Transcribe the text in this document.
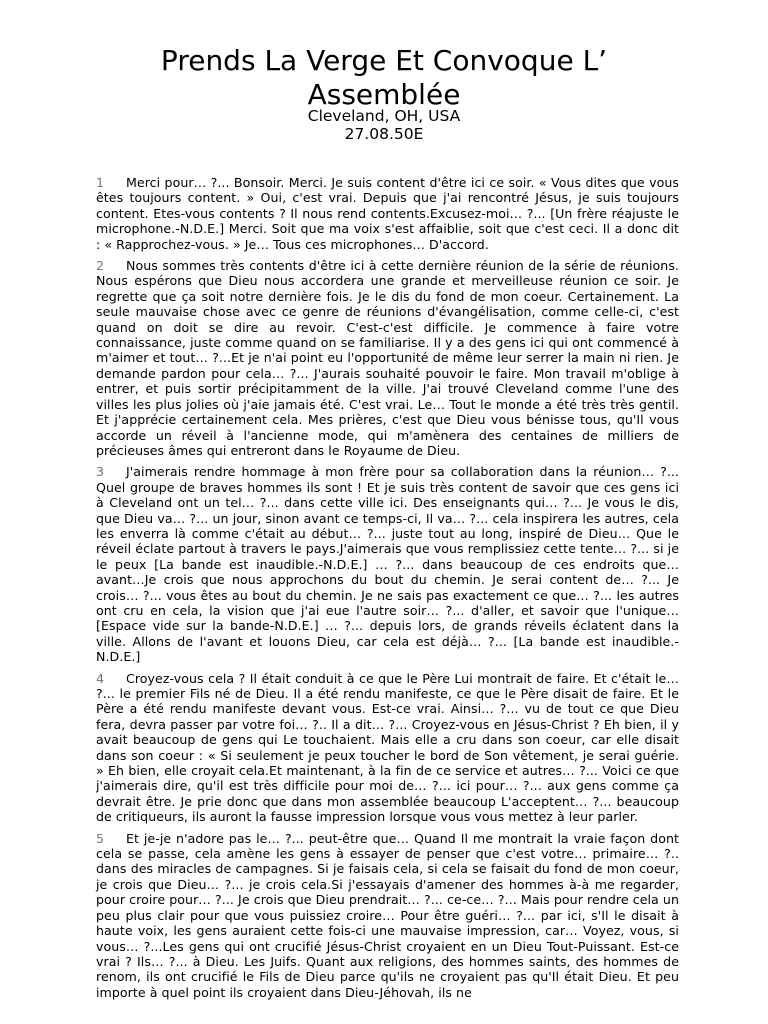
Prends La Verge Et Convoque L’ Assemblée

Cleveland, OH, USA

27.08.50E

1 Merci pour… ?... Bonsoir. Merci. Je suis content d'être ici ce soir. « Vous dites que vous êtes toujours content. » Oui, c'est vrai. Depuis que j'ai rencontré Jésus, je suis toujours content. Etes-vous contents ? Il nous rend contents.Excusez-moi… ?... [Un frère réajuste le microphone.-N.D.E.] Merci. Soit que ma voix s'est affaiblie, soit que c'est ceci. Il a donc dit : « Rapprochez-vous. » Je… Tous ces microphones… D'accord.

2 Nous sommes très contents d'être ici à cette dernière réunion de la série de réunions. Nous espérons que Dieu nous accordera une grande et merveilleuse réunion ce soir. Je regrette que ça soit notre dernière fois. Je le dis du fond de mon coeur. Certainement. La seule mauvaise chose avec ce genre de réunions d'évangélisation, comme celle-ci, c'est quand on doit se dire au revoir. C'est-c'est difficile. Je commence à faire votre connaissance, juste comme quand on se familiarise. Il y a des gens ici qui ont commencé à m'aimer et tout… ?...Et je n'ai point eu l'opportunité de même leur serrer la main ni rien. Je demande pardon pour cela… ?... J'aurais souhaité pouvoir le faire. Mon travail m'oblige à entrer, et puis sortir précipitamment de la ville. J'ai trouvé Cleveland comme l'une des villes les plus jolies où j'aie jamais été. C'est vrai. Le… Tout le monde a été très très gentil. Et j'apprécie certainement cela. Mes prières, c'est que Dieu vous bénisse tous, qu'Il vous accorde un réveil à l'ancienne mode, qui m'amènera des centaines de milliers de précieuses âmes qui entreront dans le Royaume de Dieu.

3 J'aimerais rendre hommage à mon frère pour sa collaboration dans la réunion… ?... Quel groupe de braves hommes ils sont ! Et je suis très content de savoir que ces gens ici à Cleveland ont un tel… ?... dans cette ville ici. Des enseignants qui… ?... Je vous le dis, que Dieu va… ?... un jour, sinon avant ce temps-ci, Il va… ?... cela inspirera les autres, cela les enverra là comme c'était au début… ?... juste tout au long, inspiré de Dieu… Que le réveil éclate partout à travers le pays.J'aimerais que vous remplissiez cette tente… ?... si je le peux [La bande est inaudible.-N.D.E.] … ?... dans beaucoup de ces endroits que… avant…Je crois que nous approchons du bout du chemin. Je serai content de… ?... Je crois… ?... vous êtes au bout du chemin. Je ne sais pas exactement ce que… ?... les autres ont cru en cela, la vision que j'ai eue l'autre soir… ?... d'aller, et savoir que l'unique… [Espace vide sur la bande-N.D.E.] … ?... depuis lors, de grands réveils éclatent dans la ville. Allons de l'avant et louons Dieu, car cela est déjà… ?... [La bande est inaudible.-N.D.E.]

4 Croyez-vous cela ? Il était conduit à ce que le Père Lui montrait de faire. Et c'était le… ?... le premier Fils né de Dieu. Il a été rendu manifeste, ce que le Père disait de faire. Et le Père a été rendu manifeste devant vous. Est-ce vrai. Ainsi… ?... vu de tout ce que Dieu fera, devra passer par votre foi… ?.. Il a dit… ?... Croyez-vous en Jésus-Christ ? Eh bien, il y avait beaucoup de gens qui Le touchaient. Mais elle a cru dans son coeur, car elle disait dans son coeur : « Si seulement je peux toucher le bord de Son vêtement, je serai guérie. » Eh bien, elle croyait cela.Et maintenant, à la fin de ce service et autres… ?... Voici ce que j'aimerais dire, qu'il est très difficile pour moi de… ?... ici pour… ?... aux gens comme ça devrait être. Je prie donc que dans mon assemblée beaucoup L'acceptent… ?... beaucoup de critiqueurs, ils auront la fausse impression lorsque vous vous mettez à leur parler.

5 Et je-je n'adore pas le… ?... peut-être que… Quand Il me montrait la vraie façon dont cela se passe, cela amène les gens à essayer de penser que c'est votre… primaire… ?.. dans des miracles de campagnes. Si je faisais cela, si cela se faisait du fond de mon coeur, je crois que Dieu… ?... je crois cela.Si j'essayais d'amener des hommes à-à me regarder, pour croire pour… ?... Je crois que Dieu prendrait… ?... ce-ce… ?... Mais pour rendre cela un peu plus clair pour que vous puissiez croire… Pour être guéri… ?... par ici, s'Il le disait à haute voix, les gens auraient cette fois-ci une mauvaise impression, car… Voyez, vous, si vous… ?...Les gens qui ont crucifié Jésus-Christ croyaient en un Dieu Tout-Puissant. Est-ce vrai ? Ils… ?... à Dieu. Les Juifs. Quant aux religions, des hommes saints, des hommes de renom, ils ont crucifié le Fils de Dieu parce qu'ils ne croyaient pas qu'Il était Dieu. Et peu importe à quel point ils croyaient dans Dieu-Jéhovah, ils ne
